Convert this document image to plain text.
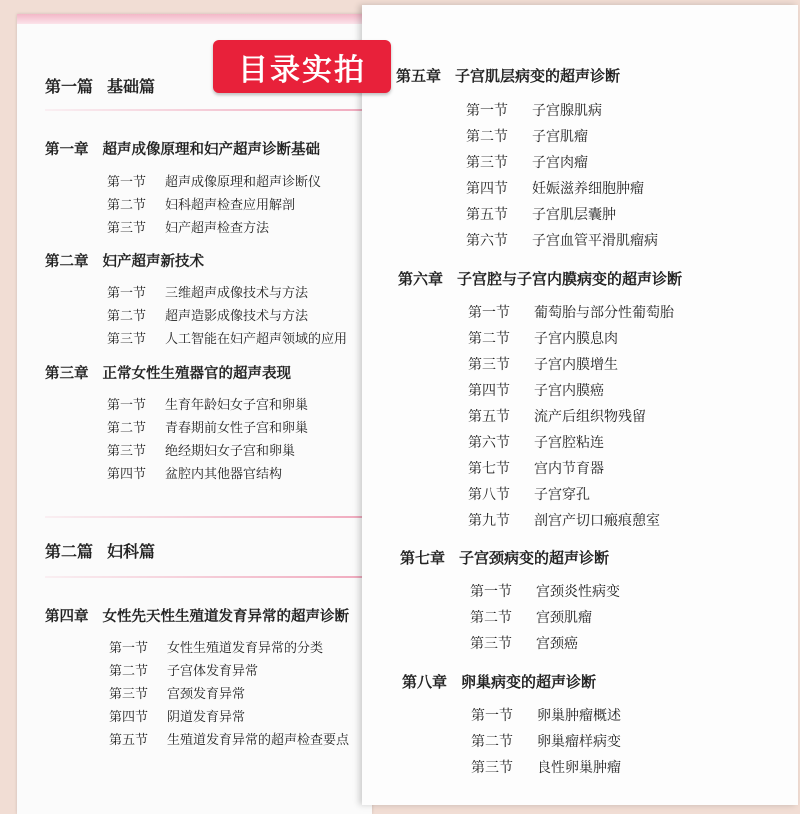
第一篇 基础篇
第一章 超声成像原理和妇产超声诊断基础
第一节 超声成像原理和超声诊断仪
第二节 妇科超声检查应用解剖
第三节 妇产超声检查方法
第二章 妇产超声新技术
第一节 三维超声成像技术与方法
第二节 超声造影成像技术与方法
第三节 人工智能在妇产超声领域的应用
第三章 正常女性生殖器官的超声表现
第一节 生育年龄妇女子宫和卵巢
第二节 青春期前女性子宫和卵巢
第三节 绝经期妇女子宫和卵巢
第四节 盆腔内其他器官结构
第二篇 妇科篇
第四章 女性先天性生殖道发育异常的超声诊断
第一节 女性生殖道发育异常的分类
第二节 子宫体发育异常
第三节 宫颈发育异常
第四节 阴道发育异常
第五节 生殖道发育异常的超声检查要点
第五章 子宫肌层病变的超声诊断
第一节 子宫腺肌病
第二节 子宫肌瘤
第三节 子宫肉瘤
第四节 妊娠滋养细胞肿瘤
第五节 子宫肌层囊肿
第六节 子宫血管平滑肌瘤病
第六章 子宫腔与子宫内膜病变的超声诊断
第一节 葡萄胎与部分性葡萄胎
第二节 子宫内膜息肉
第三节 子宫内膜增生
第四节 子宫内膜癌
第五节 流产后组织物残留
第六节 子宫腔粘连
第七节 宫内节育器
第八节 子宫穿孔
第九节 剖宫产切口瘢痕憩室
第七章 子宫颈病变的超声诊断
第一节 宫颈炎性病变
第二节 宫颈肌瘤
第三节 宫颈癌
第八章 卵巢病变的超声诊断
第一节 卵巢肿瘤概述
第二节 卵巢瘤样病变
第三节 良性卵巢肿瘤
目录实拍
